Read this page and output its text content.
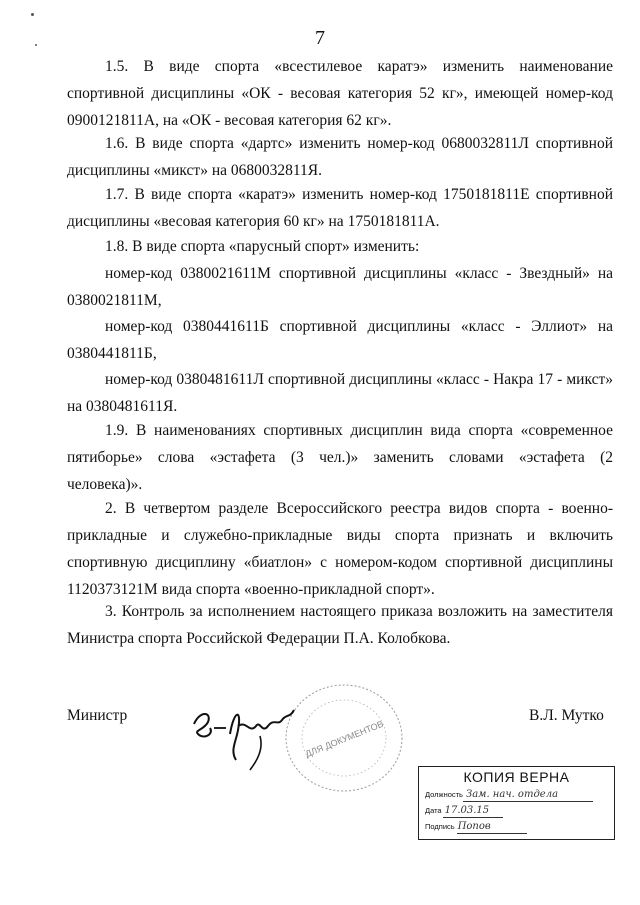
7

1.5. В виде спорта «всестилевое каратэ» изменить наименование спортивной дисциплины «ОК - весовая категория 52 кг», имеющей номер-код 0900121811А, на «ОК - весовая категория 62 кг».

1.6. В виде спорта «дартс» изменить номер-код 0680032811Л спортивной дисциплины «микст» на 0680032811Я.

1.7. В виде спорта «каратэ» изменить номер-код 1750181811Е спортивной дисциплины «весовая категория 60 кг» на 1750181811А.

1.8. В виде спорта «парусный спорт» изменить:

номер-код 0380021611М спортивной дисциплины «класс - Звездный» на 0380021811М,

номер-код 0380441611Б спортивной дисциплины «класс - Эллиот» на 0380441811Б,

номер-код 0380481611Л спортивной дисциплины «класс - Накра 17 - микст» на 0380481611Я.

1.9. В наименованиях спортивных дисциплин вида спорта «современное пятиборье» слова «эстафета (3 чел.)» заменить словами «эстафета (2 человека)».

2. В четвертом разделе Всероссийского реестра видов спорта - военно-прикладные и служебно-прикладные виды спорта признать и включить спортивную дисциплину «биатлон» с номером-кодом спортивной дисциплины 1120373121М вида спорта «военно-прикладной спорт».

3. Контроль за исполнением настоящего приказа возложить на заместителя Министра спорта Российской Федерации П.А. Колобкова.

Министр
ДЛЯ ДОКУМЕНТОВ
В.Л. Мутко
КОПИЯ ВЕРНА
Должность Зам. нач. отдела
Дата 17.03.15
Подпись Попов
